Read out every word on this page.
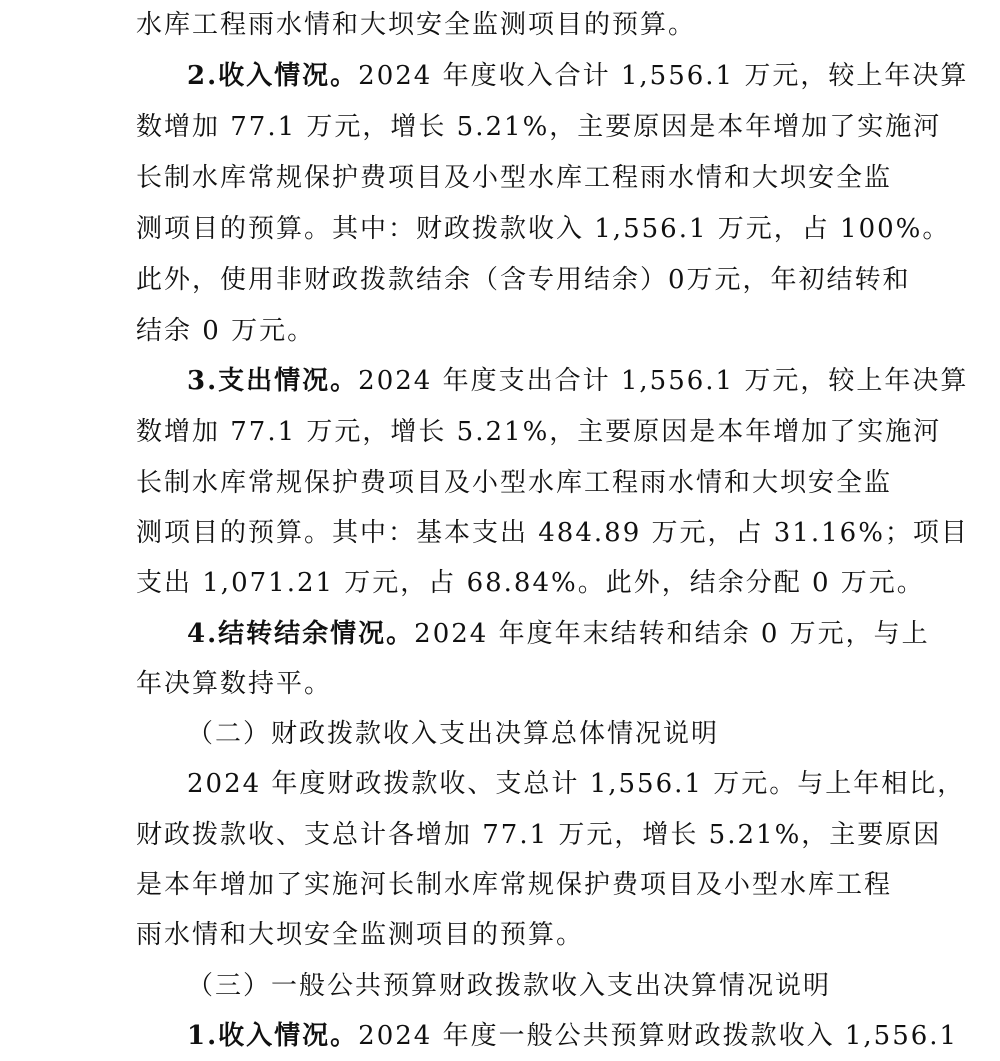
水库工程雨水情和大坝安全监测项目的预算。
2.收入情况。2024 年度收入合计 1,556.1 万元，较上年决算
数增加 77.1 万元，增长 5.21%，主要原因是本年增加了实施河
长制水库常规保护费项目及小型水库工程雨水情和大坝安全监
测项目的预算。其中：财政拨款收入 1,556.1 万元，占 100%。
此外，使用非财政拨款结余（含专用结余）0万元，年初结转和
结余 0 万元。
3.支出情况。2024 年度支出合计 1,556.1 万元，较上年决算
数增加 77.1 万元，增长 5.21%，主要原因是本年增加了实施河
长制水库常规保护费项目及小型水库工程雨水情和大坝安全监
测项目的预算。其中：基本支出 484.89 万元，占 31.16%；项目
支出 1,071.21 万元，占 68.84%。此外，结余分配 0 万元。
4.结转结余情况。2024 年度年末结转和结余 0 万元，与上
年决算数持平。
（二）财政拨款收入支出决算总体情况说明
2024 年度财政拨款收、支总计 1,556.1 万元。与上年相比，
财政拨款收、支总计各增加 77.1 万元，增长 5.21%，主要原因
是本年增加了实施河长制水库常规保护费项目及小型水库工程
雨水情和大坝安全监测项目的预算。
（三）一般公共预算财政拨款收入支出决算情况说明
1.收入情况。2024 年度一般公共预算财政拨款收入 1,556.1
